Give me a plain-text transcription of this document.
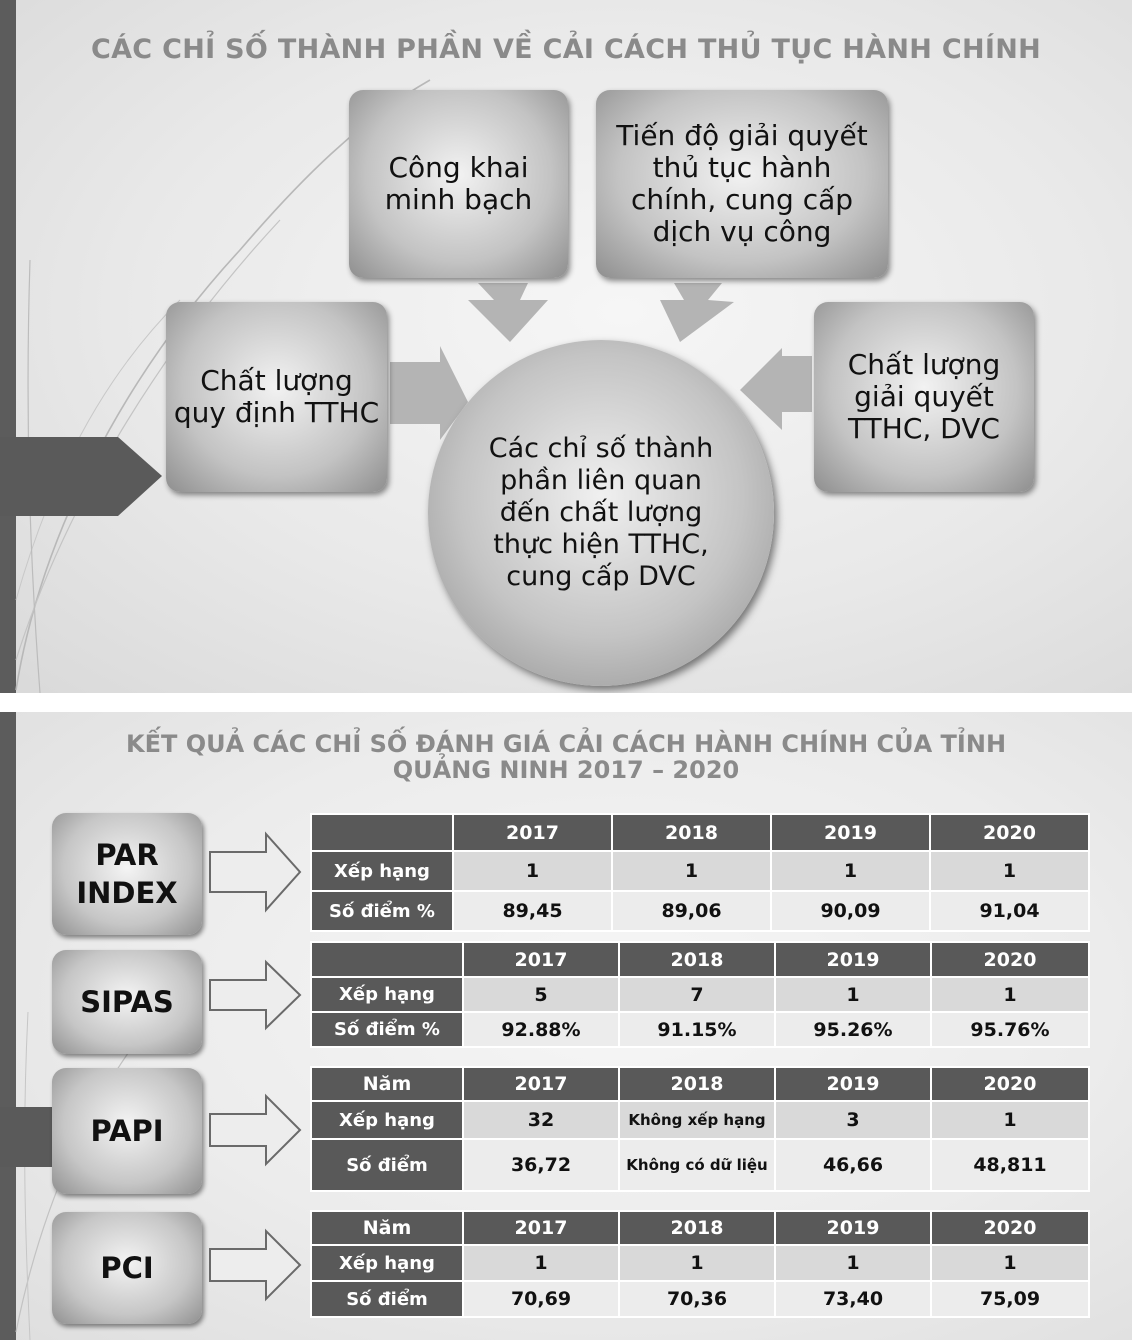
CÁC CHỈ SỐ THÀNH PHẦN VỀ CẢI CÁCH THỦ TỤC HÀNH CHÍNH
Công khai minh bạch
Tiến độ giải quyết thủ tục hành chính, cung cấp dịch vụ công
Chất lượng quy định TTHC
Chất lượng giải quyết TTHC, DVC
Các chỉ số thành phần liên quan đến chất lượng thực hiện TTHC, cung cấp DVC
KẾT QUẢ CÁC CHỈ SỐ ĐÁNH GIÁ CẢI CÁCH HÀNH CHÍNH CỦA TỈNH
QUẢNG NINH 2017 – 2020
PAR
INDEX
SIPAS
PAPI
PCI
	2017	2018	2019	2020
Xếp hạng	1	1	1	1
Số điểm %	89,45	89,06	90,09	91,04
	2017	2018	2019	2020
Xếp hạng	5	7	1	1
Số điểm %	92.88%	91.15%	95.26%	95.76%
Năm	2017	2018	2019	2020
Xếp hạng	32	Không xếp hạng	3	1
Số điểm	36,72	Không có dữ liệu	46,66	48,811
Năm	2017	2018	2019	2020
Xếp hạng	1	1	1	1
Số điểm	70,69	70,36	73,40	75,09
